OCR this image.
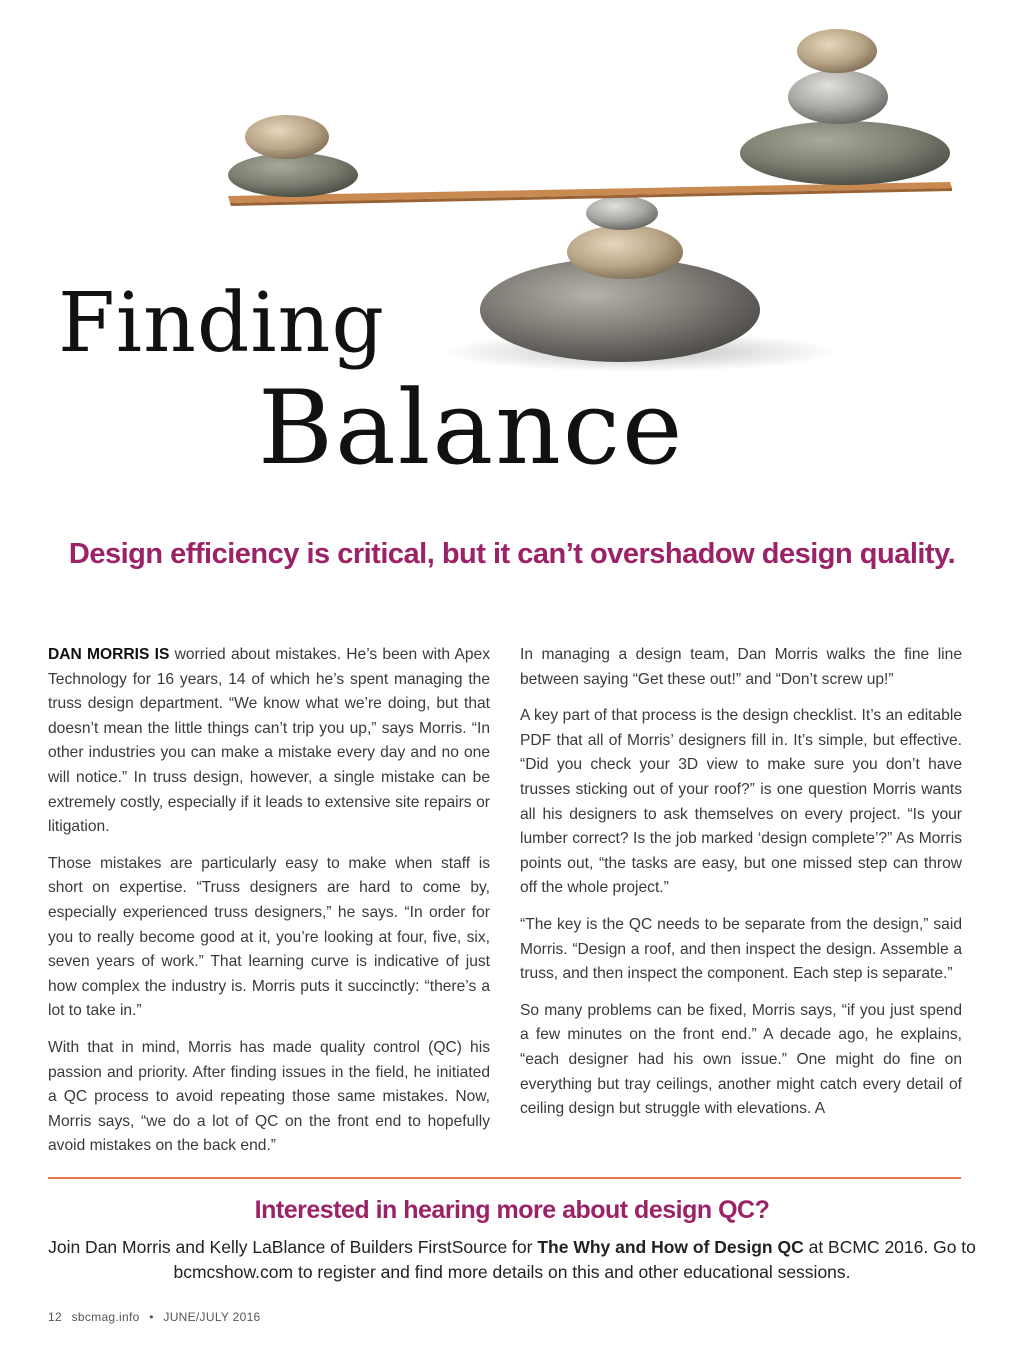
Finding
Balance
Design efficiency is critical, but it can’t overshadow design quality.

DAN MORRIS IS worried about mistakes. He’s been with Apex Technology for 16 years, 14 of which he’s spent managing the truss design department. “We know what we’re doing, but that doesn’t mean the little things can’t trip you up,” says Morris. “In other industries you can make a mistake every day and no one will notice.” In truss design, however, a single mistake can be extremely costly, especially if it leads to extensive site repairs or litigation.

Those mistakes are particularly easy to make when staff is short on expertise. “Truss designers are hard to come by, especially experienced truss designers,” he says. “In order for you to really become good at it, you’re looking at four, five, six, seven years of work.” That learning curve is indicative of just how complex the industry is. Morris puts it succinctly: “there’s a lot to take in.”

With that in mind, Morris has made quality control (QC) his passion and priority. After finding issues in the field, he initiated a QC process to avoid repeating those same mistakes. Now, Morris says, “we do a lot of QC on the front end to hopefully avoid mistakes on the back end.”

In managing a design team, Dan Morris walks the fine line between saying “Get these out!” and “Don’t screw up!”

A key part of that process is the design checklist. It’s an editable PDF that all of Morris’ designers fill in. It’s simple, but effective. “Did you check your 3D view to make sure you don’t have trusses sticking out of your roof?” is one question Morris wants all his designers to ask themselves on every project. “Is your lumber correct? Is the job marked ‘design complete’?” As Morris points out, “the tasks are easy, but one missed step can throw off the whole project.”

“The key is the QC needs to be separate from the design,” said Morris. “Design a roof, and then inspect the design. Assemble a truss, and then inspect the component. Each step is separate.”

So many problems can be fixed, Morris says, “if you just spend a few minutes on the front end.” A decade ago, he explains, “each designer had his own issue.” One might do fine on everything but tray ceilings, another might catch every detail of ceiling design but struggle with elevations. A

Interested in hearing more about design QC?

Join Dan Morris and Kelly LaBlance of Builders FirstSource for The Why and How of Design QC at BCMC 2016. Go to bcmcshow.com to register and find more details on this and other educational sessions.

12 sbcmag.info • JUNE/JULY 2016
